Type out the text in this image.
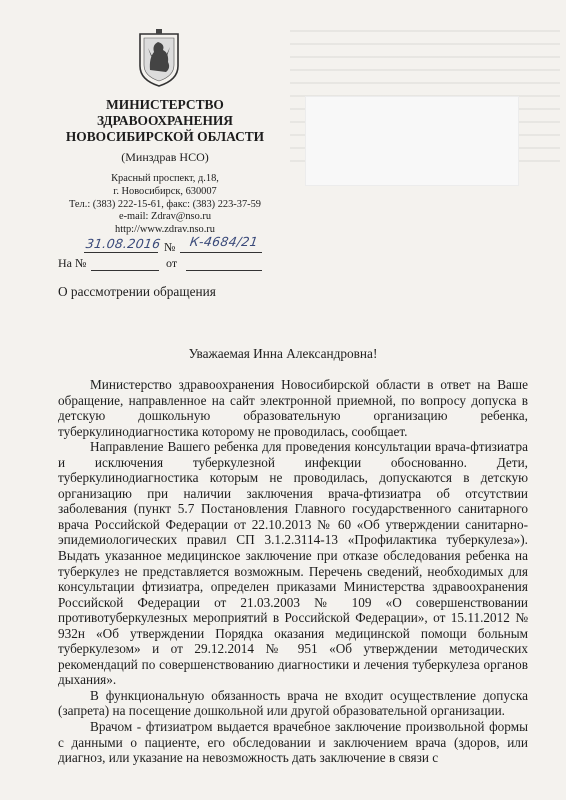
МИНИСТЕРСТВО
ЗДРАВООХРАНЕНИЯ
НОВОСИБИРСКОЙ ОБЛАСТИ
(Минздрав НСО)
Красный проспект, д.18,
г. Новосибирск, 630007
Тел.: (383) 222-15-61, факс: (383) 223-37-59
e-mail: Zdrav@nso.ru
http://www.zdrav.nso.ru
31.08.2016 № К-4684/21
На №	от
О рассмотрении обращения
Уважаемая Инна Александровна!

Министерство здравоохранения Новосибирской области в ответ на Ваше обращение, направленное на сайт электронной приемной, по вопросу допуска в детскую дошкольную образовательную организацию ребенка, туберкулинодиагностика которому не проводилась, сообщает.

Направление Вашего ребенка для проведения консультации врача-фтизиатра и исключения туберкулезной инфекции обоснованно. Дети, туберкулинодиагностика которым не проводилась, допускаются в детскую организацию при наличии заключения врача-фтизиатра об отсутствии заболевания (пункт 5.7 Постановления Главного государственного санитарного врача Российской Федерации от 22.10.2013 № 60 «Об утверждении санитарно-эпидемиологических правил СП 3.1.2.3114-13 «Профилактика туберкулеза»). Выдать указанное медицинское заключение при отказе обследования ребенка на туберкулез не представляется возможным. Перечень сведений, необходимых для консультации фтизиатра, определен приказами Министерства здравоохранения Российской Федерации от 21.03.2003 № 109 «О совершенствовании противотуберкулезных мероприятий в Российской Федерации», от 15.11.2012 № 932н «Об утверждении Порядка оказания медицинской помощи больным туберкулезом» и от 29.12.2014 № 951 «Об утверждении методических рекомендаций по совершенствованию диагностики и лечения туберкулеза органов дыхания».

В функциональную обязанность врача не входит осуществление допуска (запрета) на посещение дошкольной или другой образовательной организации.

Врачом - фтизиатром выдается врачебное заключение произвольной формы с данными о пациенте, его обследовании и заключением врача (здоров, или диагноз, или указание на невозможность дать заключение в связи с
